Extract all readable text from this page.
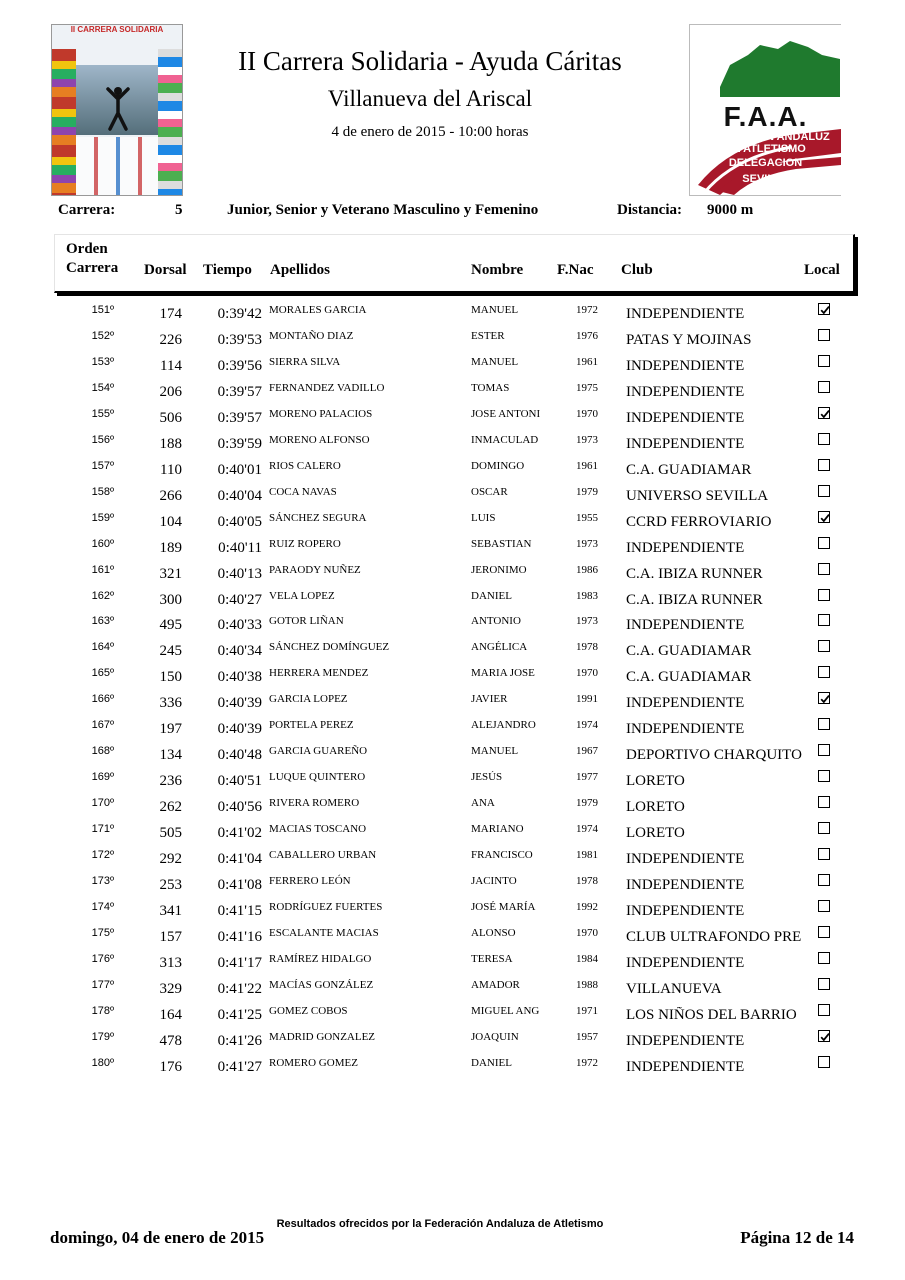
II CARRERA SOLIDARIA
II Carrera Solidaria - Ayuda Cáritas
Villanueva del Ariscal
4 de enero de 2015 - 10:00 horas	F.A.A.
FEDERACION ANDALUZ
DE ATLETISMO
DELEGACION
SEVILLA
Carrera:	5	Junior, Senior y Veterano Masculino y Femenino	Distancia: 9000 m
Orden
Carrera Dorsal Tiempo Apellidos	Nombre F.Nac Club	Local
151º	174	0:39'42 MORALES GARCIA	MANUEL	1972 INDEPENDIENTE
152º	226	0:39'53 MONTAÑO DIAZ	ESTER	1976 PATAS Y MOJINAS
153º	114	0:39'56 SIERRA SILVA	MANUEL	1961 INDEPENDIENTE
154º	206	0:39'57 FERNANDEZ VADILLO	TOMAS	1975 INDEPENDIENTE
155º	506	0:39'57 MORENO PALACIOS	JOSE ANTONI	1970 INDEPENDIENTE
156º	188	0:39'59 MORENO ALFONSO	INMACULAD	1973 INDEPENDIENTE
157º	110	0:40'01 RIOS CALERO	DOMINGO	1961 C.A. GUADIAMAR
158º	266	0:40'04 COCA NAVAS	OSCAR	1979 UNIVERSO SEVILLA
159º	104	0:40'05 SÁNCHEZ SEGURA	LUIS	1955 CCRD FERROVIARIO
160º	189	0:40'11 RUIZ ROPERO	SEBASTIAN	1973 INDEPENDIENTE
161º	321	0:40'13 PARAODY NUÑEZ	JERONIMO	1986 C.A. IBIZA RUNNER
162º	300	0:40'27 VELA LOPEZ	DANIEL	1983 C.A. IBIZA RUNNER
163º	495	0:40'33 GOTOR LIÑAN	ANTONIO	1973 INDEPENDIENTE
164º	245	0:40'34 SÁNCHEZ DOMÍNGUEZ	ANGÉLICA	1978 C.A. GUADIAMAR
165º	150	0:40'38 HERRERA MENDEZ	MARIA JOSE	1970 C.A. GUADIAMAR
166º	336	0:40'39 GARCIA LOPEZ	JAVIER	1991 INDEPENDIENTE
167º	197	0:40'39 PORTELA PEREZ	ALEJANDRO	1974 INDEPENDIENTE
168º	134	0:40'48 GARCIA GUAREÑO	MANUEL	1967 DEPORTIVO CHARQUITO
169º	236	0:40'51 LUQUE QUINTERO	JESÚS	1977 LORETO
170º	262	0:40'56 RIVERA ROMERO	ANA	1979 LORETO
171º	505	0:41'02 MACIAS TOSCANO	MARIANO	1974 LORETO
172º	292	0:41'04 CABALLERO URBAN	FRANCISCO	1981 INDEPENDIENTE
173º	253	0:41'08 FERRERO LEÓN	JACINTO	1978 INDEPENDIENTE
174º	341	0:41'15 RODRÍGUEZ FUERTES	JOSÉ MARÍA	1992 INDEPENDIENTE
175º	157	0:41'16 ESCALANTE MACIAS	ALONSO	1970 CLUB ULTRAFONDO PRE
176º	313	0:41'17 RAMÍREZ HIDALGO	TERESA	1984 INDEPENDIENTE
177º	329	0:41'22 MACÍAS GONZÁLEZ	AMADOR	1988 VILLANUEVA
178º	164	0:41'25 GOMEZ COBOS	MIGUEL ANG	1971 LOS NIÑOS DEL BARRIO
179º	478	0:41'26 MADRID GONZALEZ	JOAQUIN	1957 INDEPENDIENTE
180º	176	0:41'27 ROMERO GOMEZ	DANIEL	1972 INDEPENDIENTE
Resultados ofrecidos por la Federación Andaluza de Atletismo
domingo, 04 de enero de 2015	Página 12 de 14
